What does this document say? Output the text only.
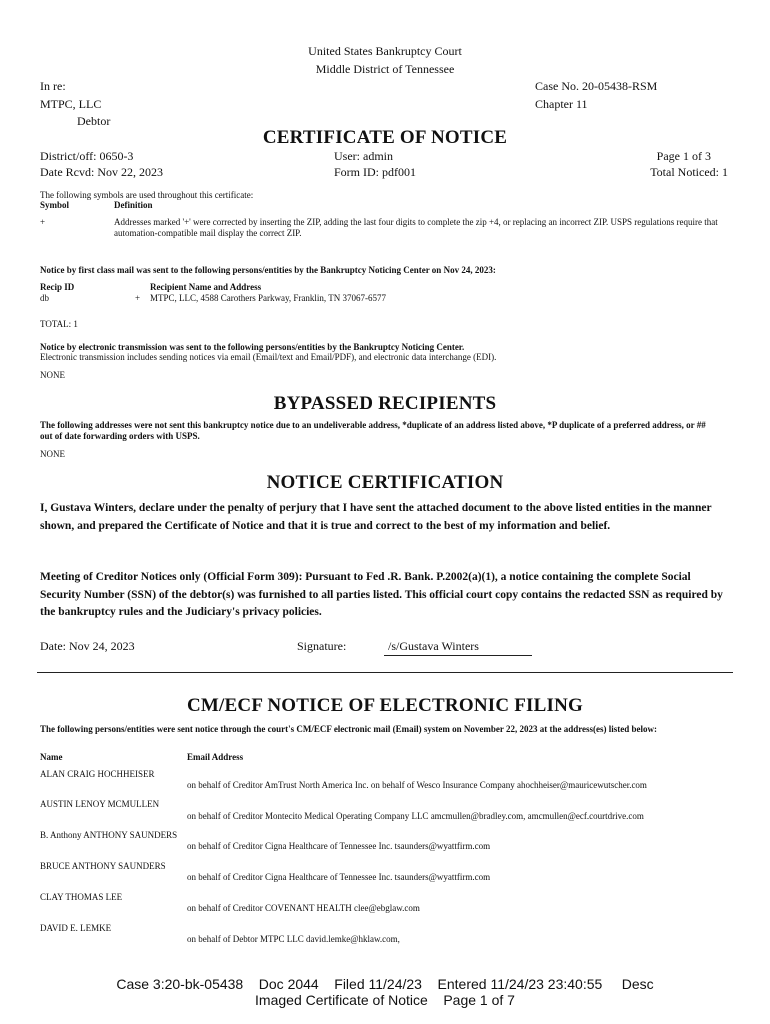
United States Bankruptcy Court
Middle District of Tennessee
In re:
MTPC, LLC
Debtor
Case No. 20-05438-RSM
Chapter 11
CERTIFICATE OF NOTICE
District/off: 0650-3
Date Rcvd: Nov 22, 2023
User: admin
Form ID: pdf001
Page 1 of 3
Total Noticed: 1
The following symbols are used throughout this certificate:
Symbol	Definition
+	Addresses marked '+' were corrected by inserting the ZIP, adding the last four digits to complete the zip +4, or replacing an incorrect ZIP. USPS regulations require that automation-compatible mail display the correct ZIP.
Notice by first class mail was sent to the following persons/entities by the Bankruptcy Noticing Center on Nov 24, 2023:
Recip ID	Recipient Name and Address
db	+ MTPC, LLC, 4588 Carothers Parkway, Franklin, TN 37067-6577
TOTAL: 1
Notice by electronic transmission was sent to the following persons/entities by the Bankruptcy Noticing Center.
Electronic transmission includes sending notices via email (Email/text and Email/PDF), and electronic data interchange (EDI).
NONE
BYPASSED RECIPIENTS
The following addresses were not sent this bankruptcy notice due to an undeliverable address, *duplicate of an address listed above, *P duplicate of a preferred address, or ## out of date forwarding orders with USPS.
NONE
NOTICE CERTIFICATION
I, Gustava Winters, declare under the penalty of perjury that I have sent the attached document to the above listed entities in the manner shown, and prepared the Certificate of Notice and that it is true and correct to the best of my information and belief.
Meeting of Creditor Notices only (Official Form 309): Pursuant to Fed .R. Bank. P.2002(a)(1), a notice containing the complete Social Security Number (SSN) of the debtor(s) was furnished to all parties listed. This official court copy contains the redacted SSN as required by the bankruptcy rules and the Judiciary's privacy policies.
Date: Nov 24, 2023	Signature:	/s/Gustava Winters
CM/ECF NOTICE OF ELECTRONIC FILING
The following persons/entities were sent notice through the court's CM/ECF electronic mail (Email) system on November 22, 2023 at the address(es) listed below:
Name	Email Address
ALAN CRAIG HOCHHEISER
on behalf of Creditor AmTrust North America Inc. on behalf of Wesco Insurance Company ahochheiser@mauricewutscher.com
AUSTIN LENOY MCMULLEN
on behalf of Creditor Montecito Medical Operating Company LLC amcmullen@bradley.com, amcmullen@ecf.courtdrive.com
B. Anthony ANTHONY SAUNDERS
on behalf of Creditor Cigna Healthcare of Tennessee Inc. tsaunders@wyattfirm.com
BRUCE ANTHONY SAUNDERS
on behalf of Creditor Cigna Healthcare of Tennessee Inc. tsaunders@wyattfirm.com
CLAY THOMAS LEE
on behalf of Creditor COVENANT HEALTH clee@ebglaw.com
DAVID E. LEMKE
on behalf of Debtor MTPC LLC david.lemke@hklaw.com,
Case 3:20-bk-05438    Doc 2044    Filed 11/24/23    Entered 11/24/23 23:40:55     Desc
Imaged Certificate of Notice    Page 1 of 7
